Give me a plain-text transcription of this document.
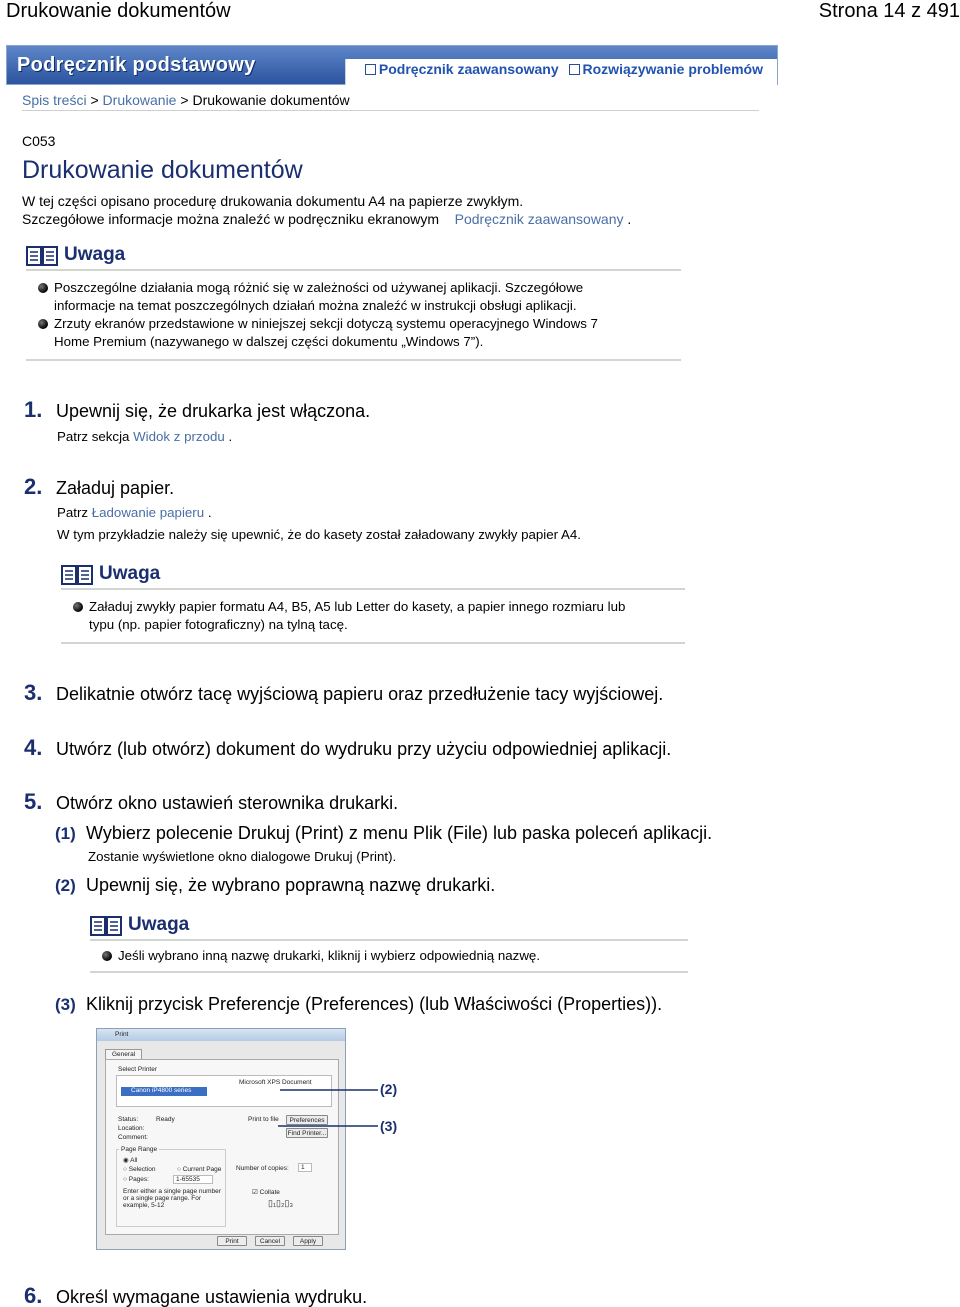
Drukowanie dokumentów	Strona 14 z 491
Podręcznik podstawowy	Podręcznik zaawansowany
Rozwiązywanie problemów
Spis treści > Drukowanie > Drukowanie dokumentów
C053
Drukowanie dokumentów
W tej części opisano procedurę drukowania dokumentu A4 na papierze zwykłym.
Szczegółowe informacje można znaleźć w podręczniku ekranowym Podręcznik zaawansowany .
Uwaga
Poszczególne działania mogą różnić się w zależności od używanej aplikacji. Szczegółowe informacje na temat poszczególnych działań można znaleźć w instrukcji obsługi aplikacji.
Zrzuty ekranów przedstawione w niniejszej sekcji dotyczą systemu operacyjnego Windows 7 Home Premium (nazywanego w dalszej części dokumentu „Windows 7”).
1. Upewnij się, że drukarka jest włączona.
Patrz sekcja Widok z przodu .
2. Załaduj papier.
Patrz Ładowanie papieru .
W tym przykładzie należy się upewnić, że do kasety został załadowany zwykły papier A4.
Uwaga
Załaduj zwykły papier formatu A4, B5, A5 lub Letter do kasety, a papier innego rozmiaru lub typu (np. papier fotograficzny) na tylną tacę.
3. Delikatnie otwórz tacę wyjściową papieru oraz przedłużenie tacy wyjściowej.
4. Utwórz (lub otwórz) dokument do wydruku przy użyciu odpowiedniej aplikacji.
5. Otwórz okno ustawień sterownika drukarki.
(1) Wybierz polecenie Drukuj (Print) z menu Plik (File) lub paska poleceń aplikacji.
Zostanie wyświetlone okno dialogowe Drukuj (Print).
(2) Upewnij się, że wybrano poprawną nazwę drukarki.
Uwaga
Jeśli wybrano inną nazwę drukarki, kliknij i wybierz odpowiednią nazwę.
(3) Kliknij przycisk Preferencje (Preferences) (lub Właściwości (Properties)).
Print
General
Select Printer
Canon iP4800 series
Microsoft XPS Document
Status:	Ready
Location:
Comment:
Print to file	Preferences
Find Printer...
Page Range
◉ All
○ Selection	○ Current Page
○ Pages:	1-65535
Enter either a single page number or a single page range. For example, 5-12
Number of copies:	1
☑ Collate
▯₁▯₂▯₃
Print	Cancel	Apply
(2)
(3)
6. Określ wymagane ustawienia wydruku.
